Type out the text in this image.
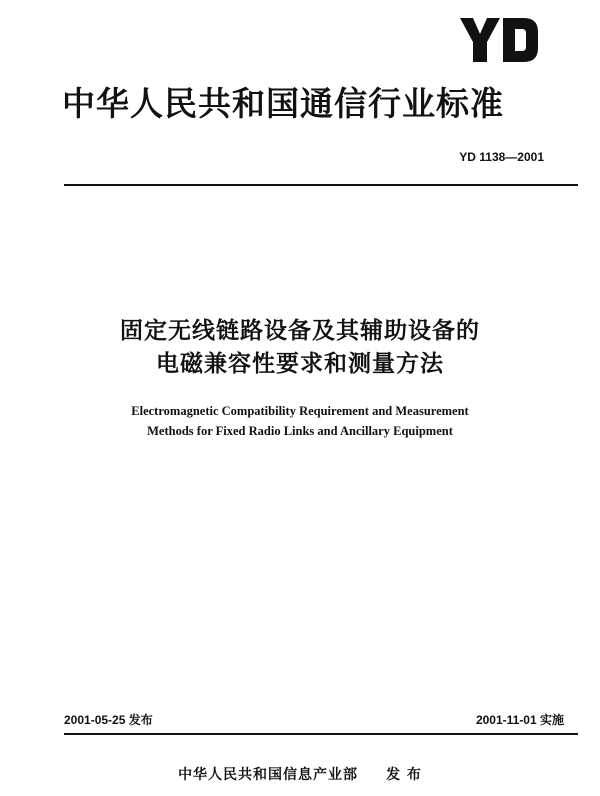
中华人民共和国通信行业标准
YD 1138—2001
固定无线链路设备及其辅助设备的
电磁兼容性要求和测量方法
Electromagnetic Compatibility Requirement and Measurement
Methods for Fixed Radio Links and Ancillary Equipment
2001-05-25 发布	2001-11-01 实施
中华人民共和国信息产业部 发 布
